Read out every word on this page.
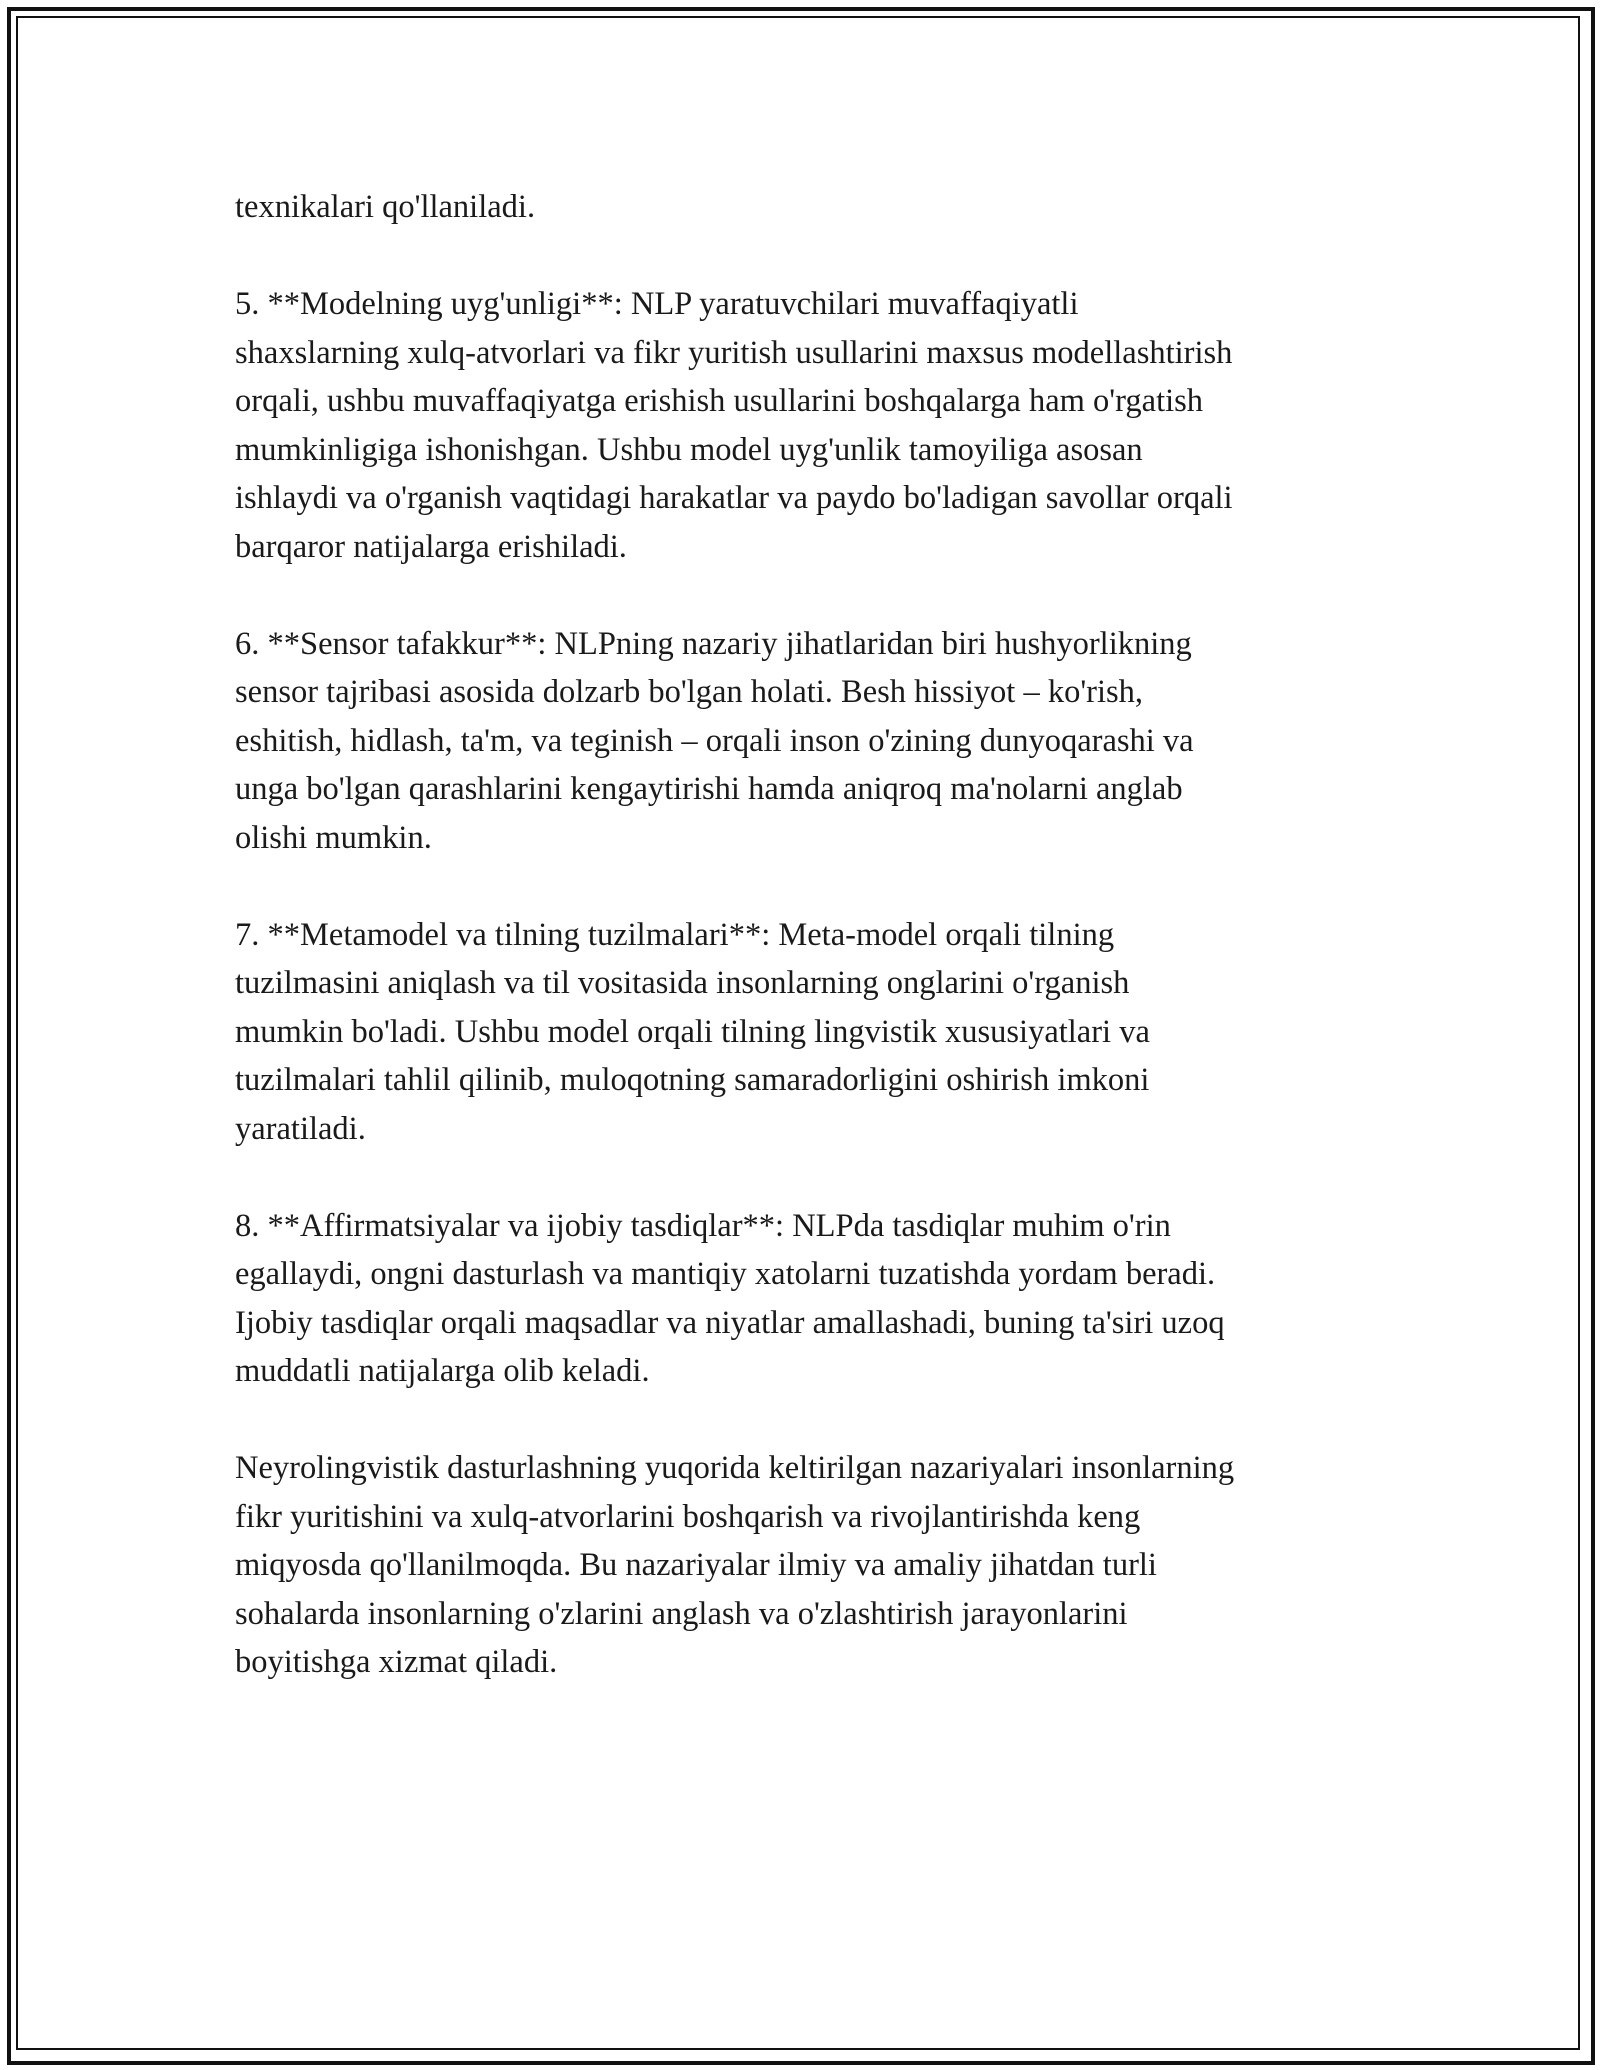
texnikalari qo'llaniladi.

5. **Modelning uyg'unligi**: NLP yaratuvchilari muvaffaqiyatli
shaxslarning xulq-atvorlari va fikr yuritish usullarini maxsus modellashtirish
orqali, ushbu muvaffaqiyatga erishish usullarini boshqalarga ham o'rgatish
mumkinligiga ishonishgan. Ushbu model uyg'unlik tamoyiliga asosan
ishlaydi va o'rganish vaqtidagi harakatlar va paydo bo'ladigan savollar orqali
barqaror natijalarga erishiladi.

6. **Sensor tafakkur**: NLPning nazariy jihatlaridan biri hushyorlikning
sensor tajribasi asosida dolzarb bo'lgan holati. Besh hissiyot – ko'rish,
eshitish, hidlash, ta'm, va teginish – orqali inson o'zining dunyoqarashi va
unga bo'lgan qarashlarini kengaytirishi hamda aniqroq ma'nolarni anglab
olishi mumkin.

7. **Metamodel va tilning tuzilmalari**: Meta-model orqali tilning
tuzilmasini aniqlash va til vositasida insonlarning onglarini o'rganish
mumkin bo'ladi. Ushbu model orqali tilning lingvistik xususiyatlari va
tuzilmalari tahlil qilinib, muloqotning samaradorligini oshirish imkoni
yaratiladi.

8. **Affirmatsiyalar va ijobiy tasdiqlar**: NLPda tasdiqlar muhim o'rin
egallaydi, ongni dasturlash va mantiqiy xatolarni tuzatishda yordam beradi.
Ijobiy tasdiqlar orqali maqsadlar va niyatlar amallashadi, buning ta'siri uzoq
muddatli natijalarga olib keladi.

Neyrolingvistik dasturlashning yuqorida keltirilgan nazariyalari insonlarning
fikr yuritishini va xulq-atvorlarini boshqarish va rivojlantirishda keng
miqyosda qo'llanilmoqda. Bu nazariyalar ilmiy va amaliy jihatdan turli
sohalarda insonlarning o'zlarini anglash va o'zlashtirish jarayonlarini
boyitishga xizmat qiladi.
